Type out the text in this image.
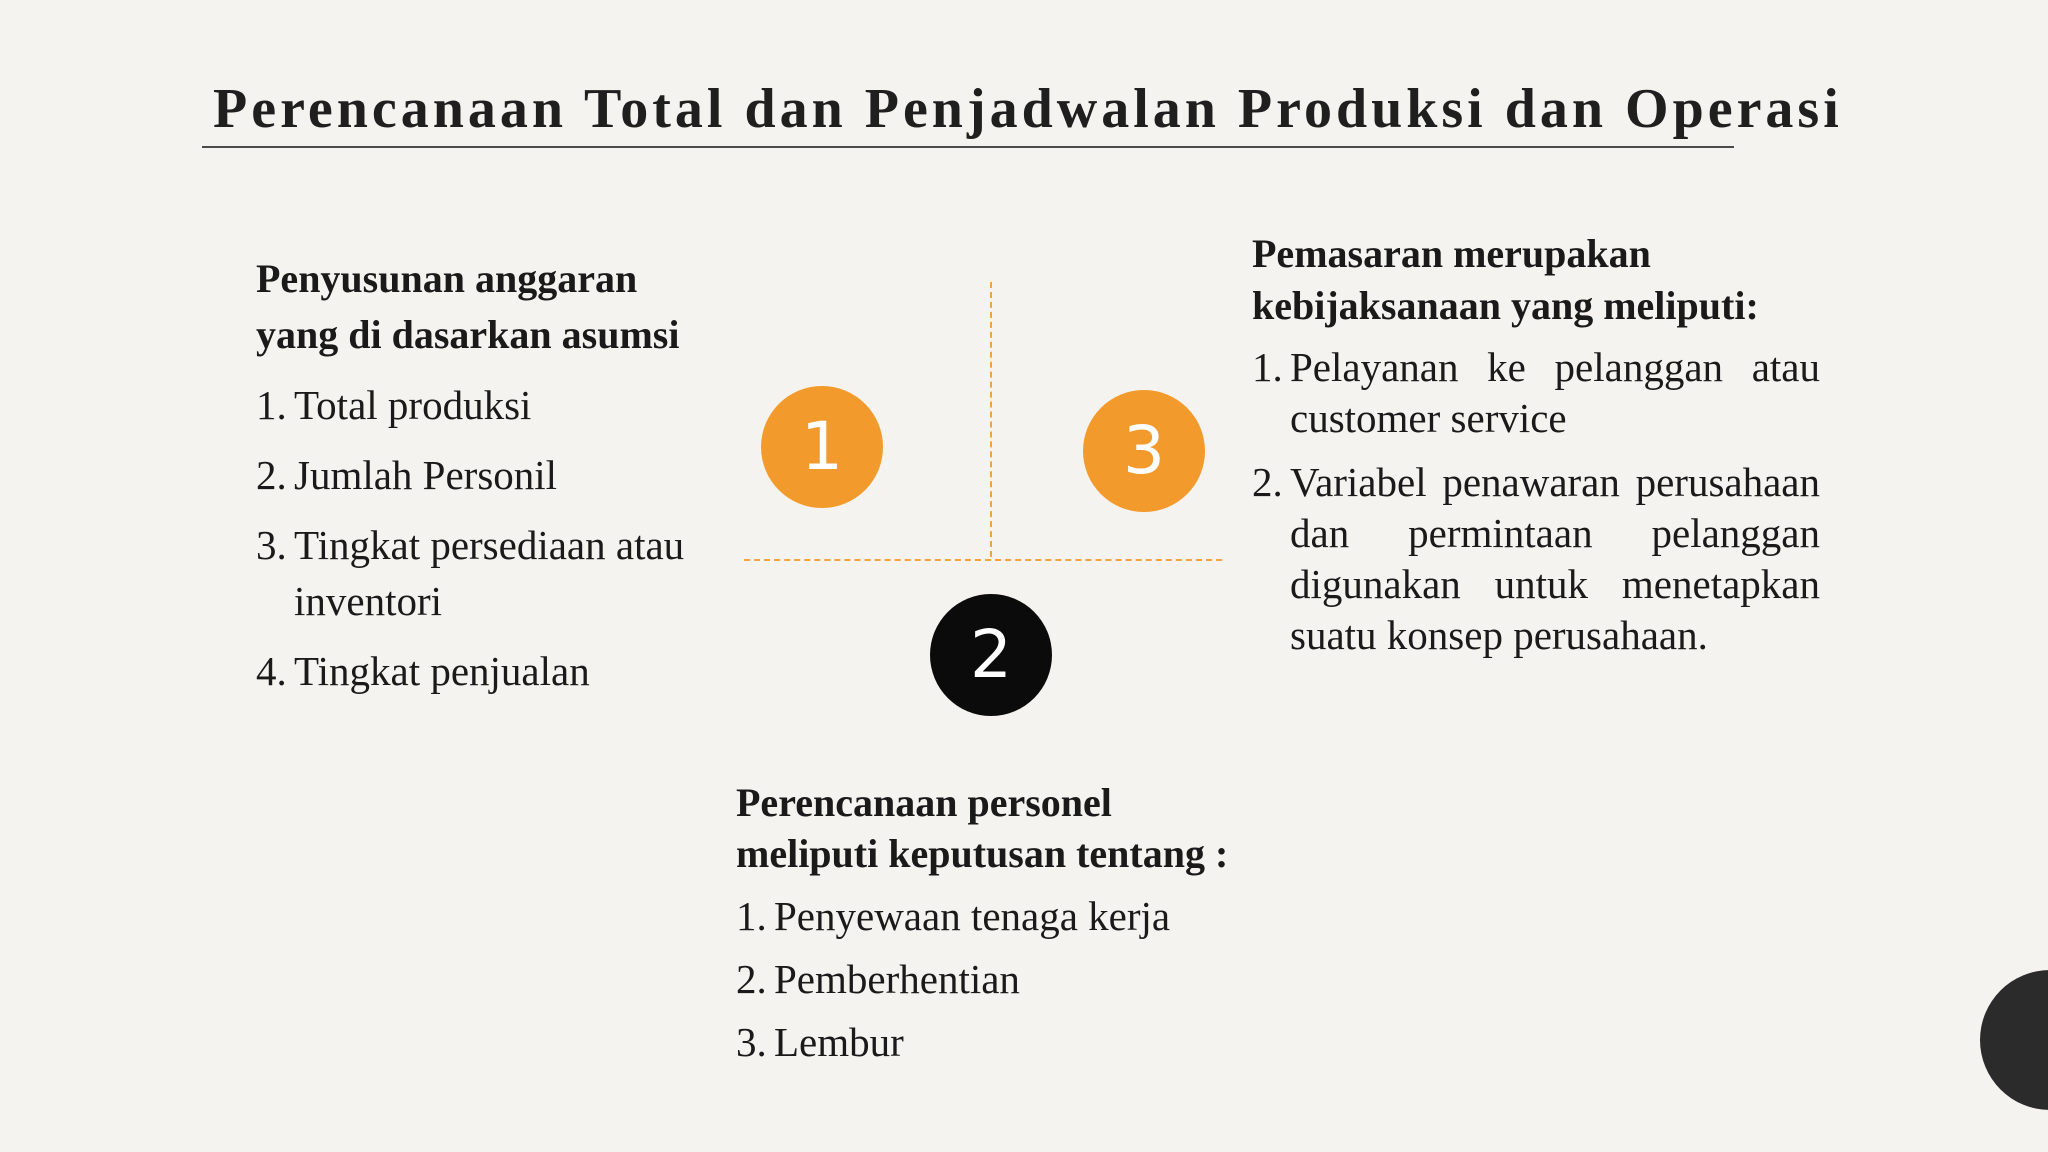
Perencanaan Total dan Penjadwalan Produksi dan Operasi
Penyusunan anggaran
yang di dasarkan asumsi
1. Total produksi
2. Jumlah Personil
3. Tingkat persediaan atau inventori
4. Tingkat penjualan
1	3
2
Pemasaran merupakan
kebijaksanaan yang meliputi:
1. Pelayanan ke pelanggan atau customer service
2. Variabel penawaran perusahaan dan permintaan pelanggan digunakan untuk menetapkan suatu konsep perusahaan.
Perencanaan personel
meliputi keputusan tentang :
1. Penyewaan tenaga kerja
2. Pemberhentian
3. Lembur
